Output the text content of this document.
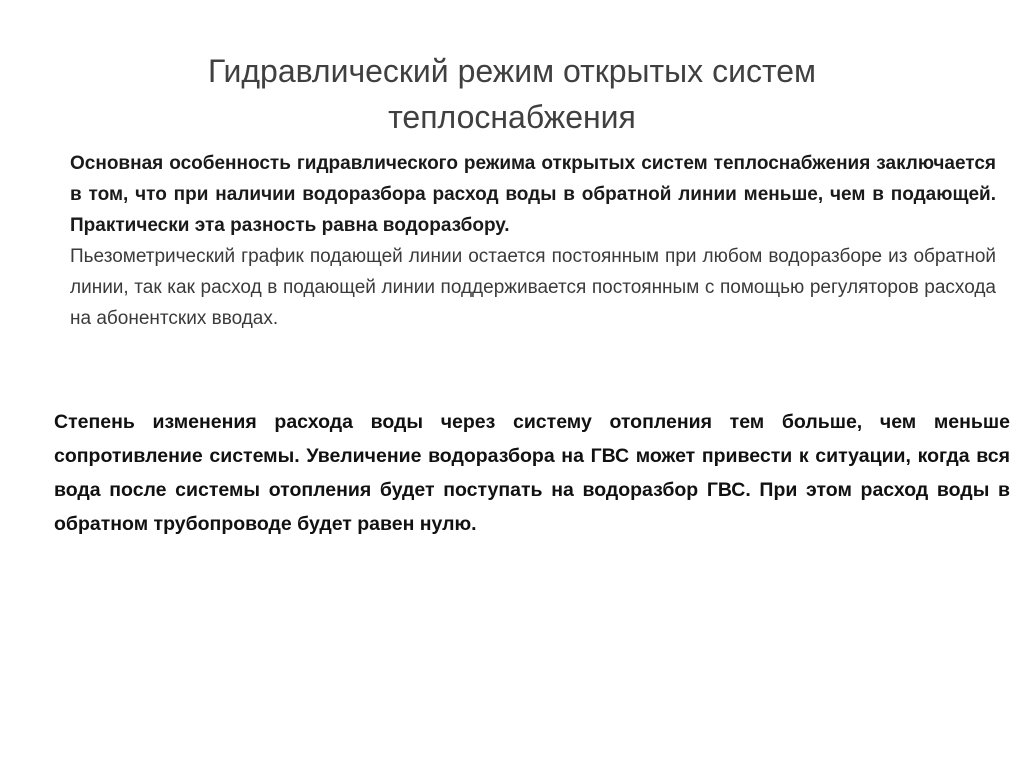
Гидравлический режим открытых систем теплоснабжения

Основная особенность гидравлического режима открытых систем теплоснабжения заключается в том, что при наличии водоразбора расход воды в обратной линии меньше, чем в подающей. Практически эта разность равна водоразбору.

Пьезометрический график подающей линии остается постоянным при любом водоразборе из обратной линии, так как расход в подающей линии поддерживается постоянным с помощью регуляторов расхода на абонентских вводах.

Степень изменения расхода воды через систему отопления тем больше, чем меньше сопротивление системы. Увеличение водоразбора на ГВС может привести к ситуации, когда вся вода после системы отопления будет поступать на водоразбор ГВС. При этом расход воды в обратном трубопроводе будет равен нулю.
